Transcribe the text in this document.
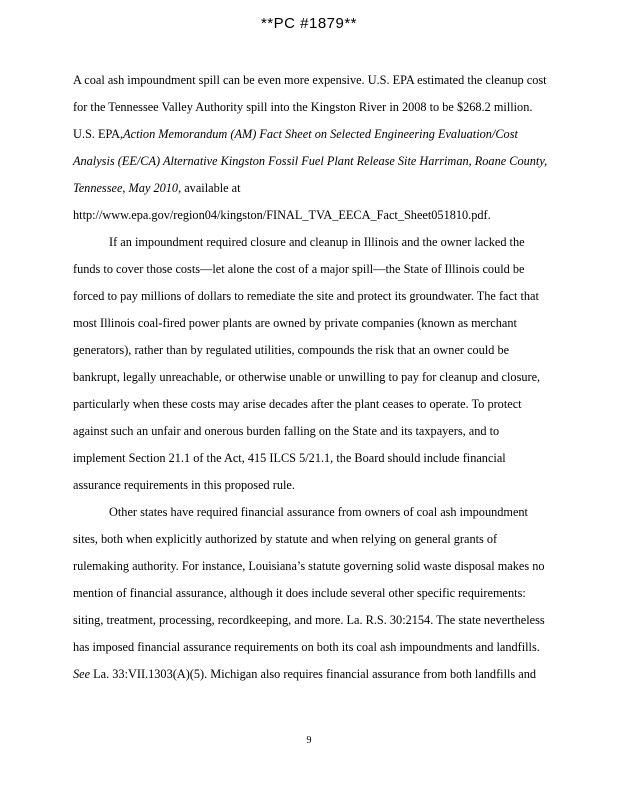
**PC #1879**
A coal ash impoundment spill can be even more expensive. U.S. EPA estimated the cleanup cost
for the Tennessee Valley Authority spill into the Kingston River in 2008 to be $268.2 million.
U.S. EPA,Action Memorandum (AM) Fact Sheet on Selected Engineering Evaluation/Cost
Analysis (EE/CA) Alternative Kingston Fossil Fuel Plant Release Site Harriman, Roane County,
Tennessee, May 2010, available at
http://www.epa.gov/region04/kingston/FINAL_TVA_EECA_Fact_Sheet051810.pdf.
If an impoundment required closure and cleanup in Illinois and the owner lacked the
funds to cover those costs—let alone the cost of a major spill—the State of Illinois could be
forced to pay millions of dollars to remediate the site and protect its groundwater. The fact that
most Illinois coal-fired power plants are owned by private companies (known as merchant
generators), rather than by regulated utilities, compounds the risk that an owner could be
bankrupt, legally unreachable, or otherwise unable or unwilling to pay for cleanup and closure,
particularly when these costs may arise decades after the plant ceases to operate. To protect
against such an unfair and onerous burden falling on the State and its taxpayers, and to
implement Section 21.1 of the Act, 415 ILCS 5/21.1, the Board should include financial
assurance requirements in this proposed rule.
Other states have required financial assurance from owners of coal ash impoundment
sites, both when explicitly authorized by statute and when relying on general grants of
rulemaking authority. For instance, Louisiana’s statute governing solid waste disposal makes no
mention of financial assurance, although it does include several other specific requirements:
siting, treatment, processing, recordkeeping, and more. La. R.S. 30:2154. The state nevertheless
has imposed financial assurance requirements on both its coal ash impoundments and landfills.
See La. 33:VII.1303(A)(5). Michigan also requires financial assurance from both landfills and
9
